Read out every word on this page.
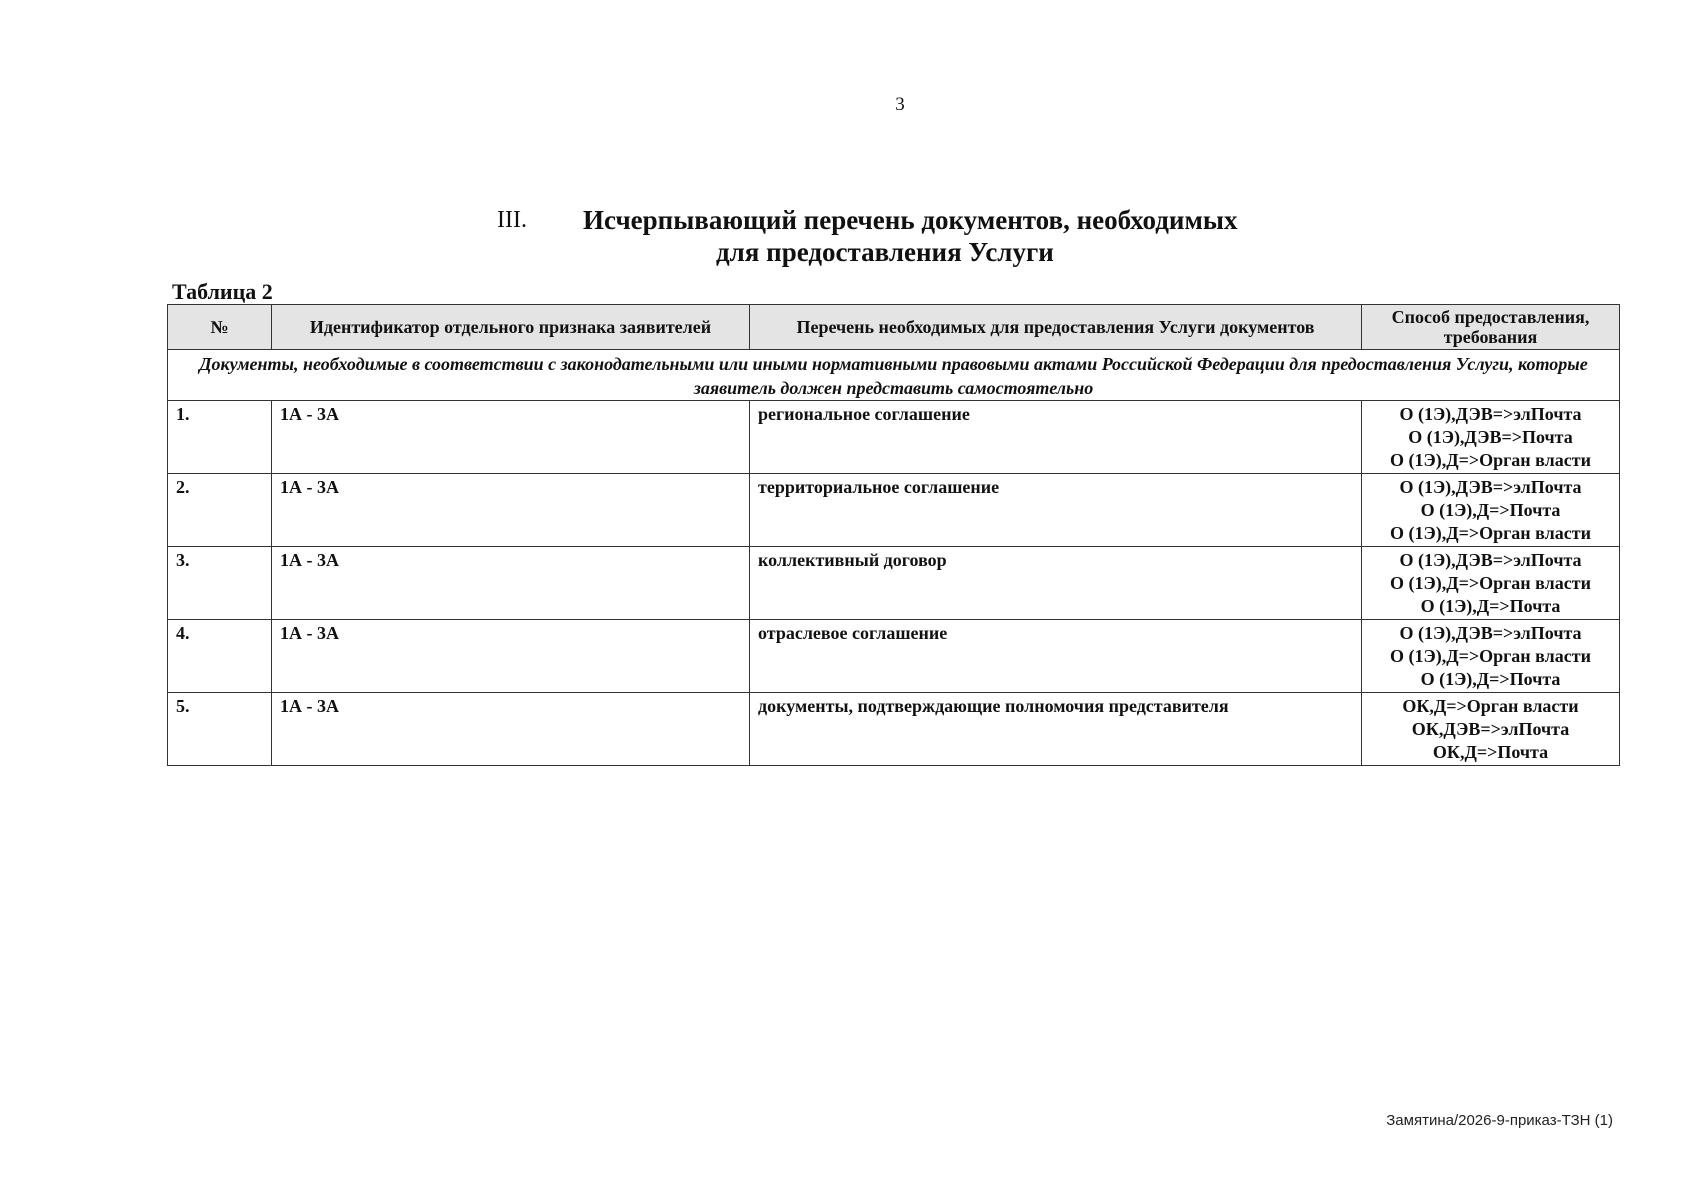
3
III. Исчерпывающий перечень документов, необходимых
для предоставления Услуги
Таблица 2
№	Идентификатор отдельного признака заявителей	Перечень необходимых для предоставления Услуги документов	Способ предоставления, требования
Документы, необходимые в соответствии с законодательными или иными нормативными правовыми актами Российской Федерации для предоставления Услуги, которые заявитель должен представить самостоятельно			
1.	1А - 3А	региональное соглашение	О (1Э),ДЭВ=>элПочта
О (1Э),ДЭВ=>Почта
О (1Э),Д=>Орган власти

2.	1А - 3А	территориальное соглашение	О (1Э),ДЭВ=>элПочта
О (1Э),Д=>Почта
О (1Э),Д=>Орган власти

3.	1А - 3А	коллективный договор	О (1Э),ДЭВ=>элПочта
О (1Э),Д=>Орган власти
О (1Э),Д=>Почта

4.	1А - 3А	отраслевое соглашение	О (1Э),ДЭВ=>элПочта
О (1Э),Д=>Орган власти
О (1Э),Д=>Почта

5.	1А - 3А	документы, подтверждающие полномочия представителя	ОК,Д=>Орган власти
ОК,ДЭВ=>элПочта
ОК,Д=>Почта
Замятина/2026-9-приказ-ТЗН (1)
